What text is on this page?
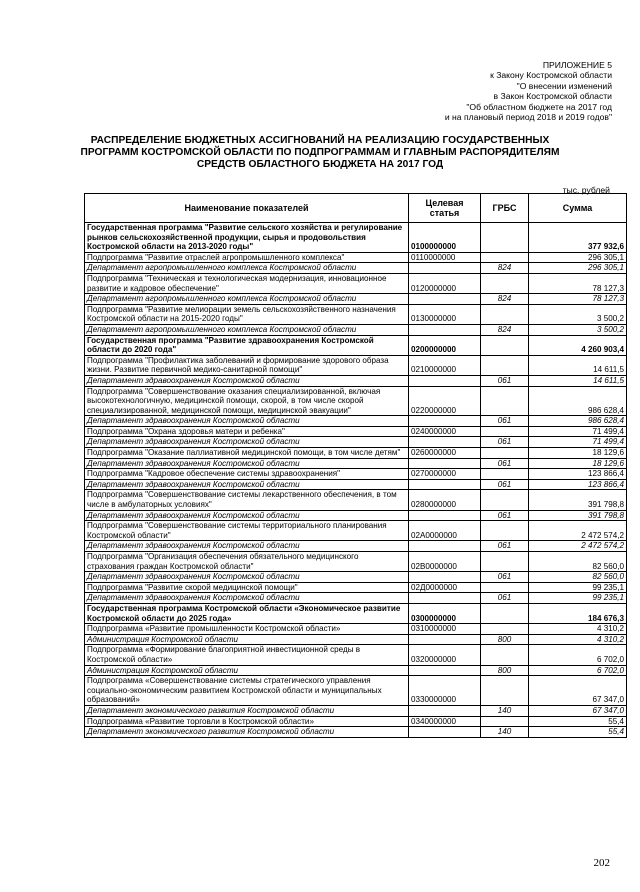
ПРИЛОЖЕНИЕ 5
к Закону Костромской области
"О внесении изменений
в Закон Костромской области
"Об областном бюджете на 2017 год
и на плановый период 2018 и 2019 годов"
РАСПРЕДЕЛЕНИЕ БЮДЖЕТНЫХ АССИГНОВАНИЙ НА РЕАЛИЗАЦИЮ ГОСУДАРСТВЕННЫХ
ПРОГРАММ КОСТРОМСКОЙ ОБЛАСТИ ПО ПОДПРОГРАММАМ И ГЛАВНЫМ РАСПОРЯДИТЕЛЯМ
СРЕДСТВ ОБЛАСТНОГО БЮДЖЕТА НА 2017 ГОД
тыс. рублей
Наименование показателей	Целевая статья	ГРБС	Сумма
Государственная программа "Развитие сельского хозяйства и регулирование рынков сельскохозяйственной продукции, сырья и продовольствия Костромской области на 2013-2020 годы"	0100000000		377 932,6
Подпрограмма "Развитие отраслей агропромышленного комплекса"	0110000000		296 305,1
Департамент агропромышленного комплекса Костромской области		824	296 305,1
Подпрограмма "Техническая и технологическая модернизация, инновационное развитие и кадровое обеспечение"	0120000000		78 127,3
Департамент агропромышленного комплекса Костромской области		824	78 127,3
Подпрограмма "Развитие мелиорации земель сельскохозяйственного назначения Костромской области на 2015-2020 годы"	0130000000		3 500,2
Департамент агропромышленного комплекса Костромской области		824	3 500,2
Государственная программа "Развитие здравоохранения Костромской области до 2020 года"	0200000000		4 260 903,4
Подпрограмма "Профилактика заболеваний и формирование здорового образа жизни. Развитие первичной медико-санитарной помощи"	0210000000		14 611,5
Департамент здравоохранения Костромской области		061	14 611,5
Подпрограмма "Совершенствование оказания специализированной, включая высокотехнологичную, медицинской помощи, скорой, в том числе скорой специализированной, медицинской помощи, медицинской эвакуации"	0220000000		986 628,4
Департамент здравоохранения Костромской области		061	986 628,4
Подпрограмма "Охрана здоровья матери и ребенка"	0240000000		71 499,4
Департамент здравоохранения Костромской области		061	71 499,4
Подпрограмма "Оказание паллиативной медицинской помощи, в том числе детям"	0260000000		18 129,6
Департамент здравоохранения Костромской области		061	18 129,6
Подпрограмма "Кадровое обеспечение системы здравоохранения"	0270000000		123 866,4
Департамент здравоохранения Костромской области		061	123 866,4
Подпрограмма "Совершенствование системы лекарственного обеспечения, в том числе в амбулаторных условиях"	0280000000		391 798,8
Департамент здравоохранения Костромской области		061	391 798,8
Подпрограмма "Совершенствование системы территориального планирования Костромской области"	02А0000000		2 472 574,2
Департамент здравоохранения Костромской области		061	2 472 574,2
Подпрограмма "Организация обеспечения обязательного медицинского страхования граждан Костромской области"	02В0000000		82 560,0
Департамент здравоохранения Костромской области		061	82 560,0
Подпрограмма "Развитие скорой медицинской помощи"	02Д0000000		99 235,1
Департамент здравоохранения Костромской области		061	99 235,1
Государственная программа Костромской области «Экономическое развитие Костромской области до 2025 года»	0300000000		184 676,3
Подпрограмма «Развитие промышленности Костромской области»	0310000000		4 310,2
Администрация Костромской области		800	4 310,2
Подпрограмма «Формирование благоприятной инвестиционной среды в Костромской области»	0320000000		6 702,0
Администрация Костромской области		800	6 702,0
Подпрограмма «Совершенствование системы стратегического управления социально-экономическим развитием Костромской области и муниципальных образований»	0330000000		67 347,0
Департамент экономического развития Костромской области		140	67 347,0
Подпрограмма «Развитие торговли в Костромской области»	0340000000		55,4
Департамент экономического развития Костромской области		140	55,4
202
